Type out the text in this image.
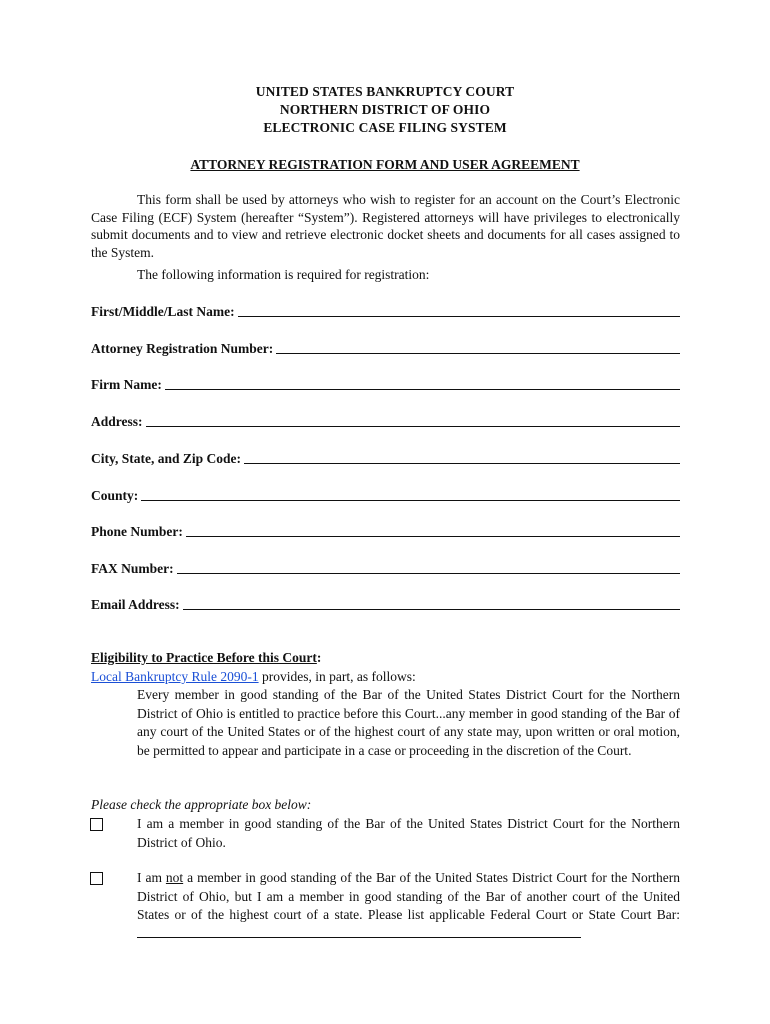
UNITED STATES BANKRUPTCY COURT
NORTHERN DISTRICT OF OHIO
ELECTRONIC CASE FILING SYSTEM
ATTORNEY REGISTRATION FORM AND USER AGREEMENT
This form shall be used by attorneys who wish to register for an account on the Court’s Electronic Case Filing (ECF) System (hereafter “System”). Registered attorneys will have privileges to electronically submit documents and to view and retrieve electronic docket sheets and documents for all cases assigned to the System.
The following information is required for registration:
First/Middle/Last Name:
Attorney Registration Number:
Firm Name:
Address:
City, State, and Zip Code:
County:
Phone Number:
FAX Number:
Email Address:
Eligibility to Practice Before this Court:
Local Bankruptcy Rule 2090-1 provides, in part, as follows:
Every member in good standing of the Bar of the United States District Court for the Northern District of Ohio is entitled to practice before this Court...any member in good standing of the Bar of any court of the United States or of the highest court of any state may, upon written or oral motion, be permitted to appear and participate in a case or proceeding in the discretion of the Court.
Please check the appropriate box below:
I am a member in good standing of the Bar of the United States District Court for the Northern District of Ohio.
I am not a member in good standing of the Bar of the United States District Court for the Northern District of Ohio, but I am a member in good standing of the Bar of another court of the United States or of the highest court of a state. Please list applicable Federal Court or State Court Bar:
